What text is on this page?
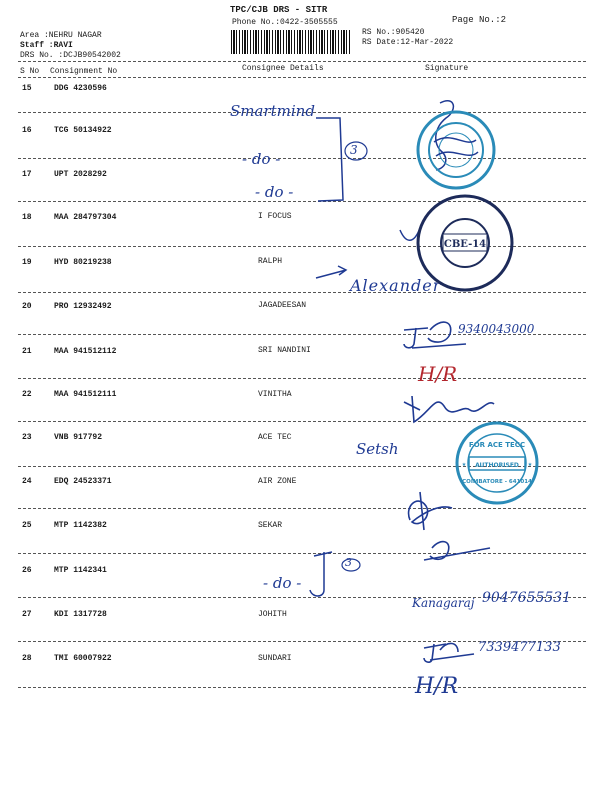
TPC/CJB DRS - SITR
Phone No.:0422-3505555	Page No.:2
Area :NEHRU NAGAR
Staff :RAVI
DRS No. :DCJB90542002
RS No.:905420
RS Date:12-Mar-2022
S No Consignment No	Consignee Details	Signature
15	DDG 4230596
16	TCG 50134922
17	UPT 2028292
18	MAA 284797304	I FOCUS
19	HYD 80219238	RALPH
20	PRO 12932492	JAGADEESAN
21	MAA 941512112	SRI NANDINI
22	MAA 941512111	VINITHA
23	VNB 917792	ACE TEC
24	EDQ 24523371	AIR ZONE
25	MTP 1142382	SEKAR
26	MTP 1142341
27	KDI 1317728	JOHITH
28	TMI 60007922	SUNDARI
Smartmind
- do -
- do -
3
Alexander
9340043000
H/R
Setsh
- do -
3
Kanagaraj 9047655531
7339477133
H/R
CBE-14
FOR ACE TECC
AUTHORISED
COIMBATORE - 641014
★	★
